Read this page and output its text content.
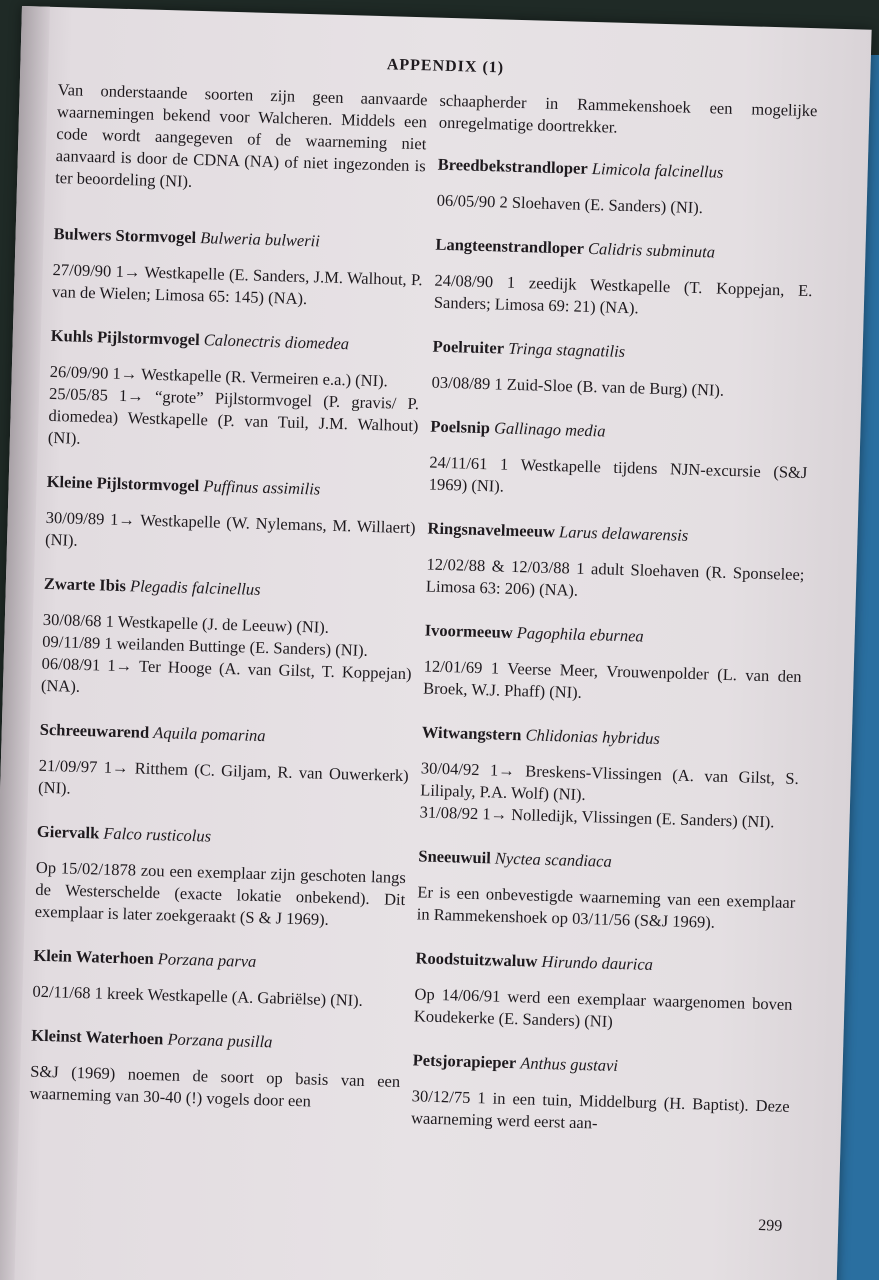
APPENDIX (1)

Van onderstaande soorten zijn geen aanvaarde waarnemingen bekend voor Walcheren. Middels een code wordt aangegeven of de waarneming niet aanvaard is door de CDNA (NA) of niet ingezonden is ter beoordeling (NI).

Bulwers Stormvogel Bulweria bulwerii

27/09/90 1→ Westkapelle (E. Sanders, J.M. Walhout, P. van de Wielen; Limosa 65: 145) (NA).

Kuhls Pijlstormvogel Calonectris diomedea

26/09/90 1→ Westkapelle (R. Vermeiren e.a.) (NI).

25/05/85 1→ “grote” Pijlstormvogel (P. gravis/ P. diomedea) Westkapelle (P. van Tuil, J.M. Walhout) (NI).

Kleine Pijlstormvogel Puffinus assimilis

30/09/89 1→ Westkapelle (W. Nylemans, M. Willaert) (NI).

Zwarte Ibis Plegadis falcinellus

30/08/68 1 Westkapelle (J. de Leeuw) (NI).

09/11/89 1 weilanden Buttinge (E. Sanders) (NI).

06/08/91 1→ Ter Hooge (A. van Gilst, T. Koppejan) (NA).

Schreeuwarend Aquila pomarina

21/09/97 1→ Ritthem (C. Giljam, R. van Ouwerkerk) (NI).

Giervalk Falco rusticolus

Op 15/02/1878 zou een exemplaar zijn geschoten langs de Westerschelde (exacte lokatie onbekend). Dit exemplaar is later zoekgeraakt (S & J 1969).

Klein Waterhoen Porzana parva

02/11/68 1 kreek Westkapelle (A. Gabriëlse) (NI).

Kleinst Waterhoen Porzana pusilla

S&J (1969) noemen de soort op basis van een waarneming van 30-40 (!) vogels door een

schaapherder in Rammekenshoek een mogelijke onregelmatige doortrekker.

Breedbekstrandloper Limicola falcinellus

06/05/90 2 Sloehaven (E. Sanders) (NI).

Langteenstrandloper Calidris subminuta

24/08/90 1 zeedijk Westkapelle (T. Koppejan, E. Sanders; Limosa 69: 21) (NA).

Poelruiter Tringa stagnatilis

03/08/89 1 Zuid-Sloe (B. van de Burg) (NI).

Poelsnip Gallinago media

24/11/61 1 Westkapelle tijdens NJN-excursie (S&J 1969) (NI).

Ringsnavelmeeuw Larus delawarensis

12/02/88 & 12/03/88 1 adult Sloehaven (R. Sponselee; Limosa 63: 206) (NA).

Ivoormeeuw Pagophila eburnea

12/01/69 1 Veerse Meer, Vrouwenpolder (L. van den Broek, W.J. Phaff) (NI).

Witwangstern Chlidonias hybridus

30/04/92 1→ Breskens-Vlissingen (A. van Gilst, S. Lilipaly, P.A. Wolf) (NI).

31/08/92 1→ Nolledijk, Vlissingen (E. Sanders) (NI).

Sneeuwuil Nyctea scandiaca

Er is een onbevestigde waarneming van een exemplaar in Rammekenshoek op 03/11/56 (S&J 1969).

Roodstuitzwaluw Hirundo daurica

Op 14/06/91 werd een exemplaar waargenomen boven Koudekerke (E. Sanders) (NI)

Petsjorapieper Anthus gustavi

30/12/75 1 in een tuin, Middelburg (H. Baptist). Deze waarneming werd eerst aan-

299
